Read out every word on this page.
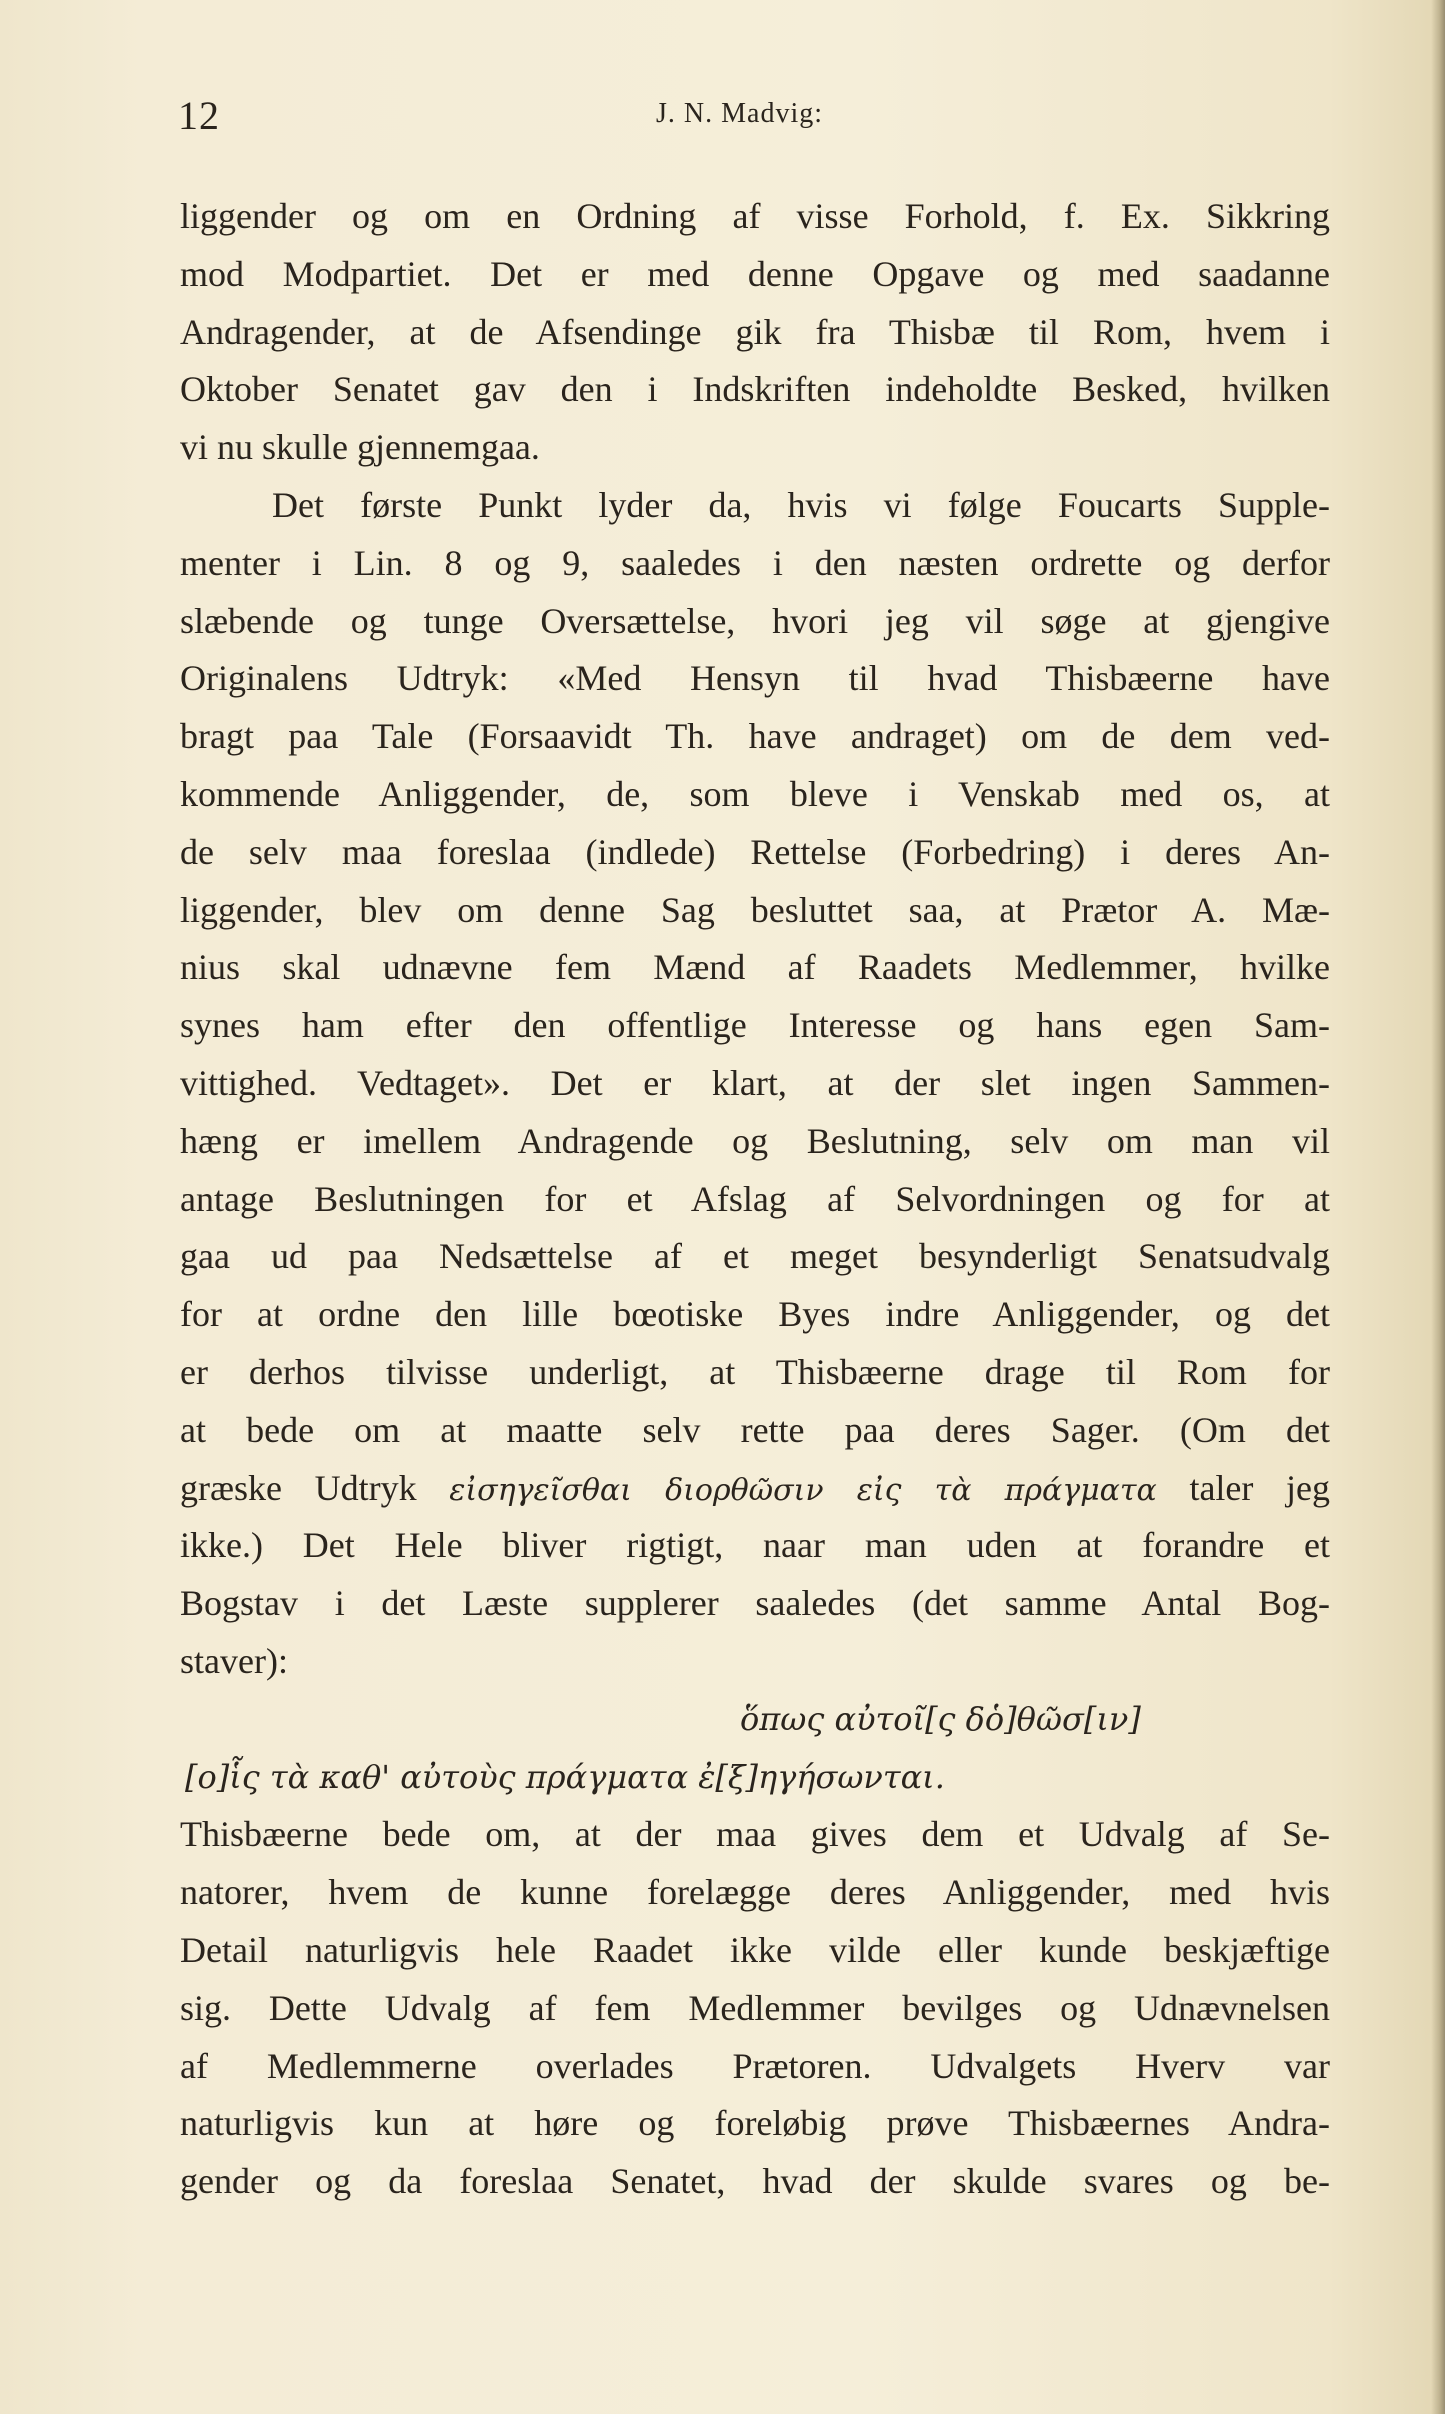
12	J. N. Madvig:
liggender og om en Ordning af visse Forhold, f. Ex. Sikkring
mod Modpartiet. Det er med denne Opgave og med saadanne
Andragender, at de Afsendinge gik fra Thisbæ til Rom, hvem i
Oktober Senatet gav den i Indskriften indeholdte Besked, hvilken
vi nu skulle gjennemgaa.
Det første Punkt lyder da, hvis vi følge Foucarts Supple-
menter i Lin. 8 og 9, saaledes i den næsten ordrette og derfor
slæbende og tunge Oversættelse, hvori jeg vil søge at gjengive
Originalens Udtryk: «Med Hensyn til hvad Thisbæerne have
bragt paa Tale (Forsaavidt Th. have andraget) om de dem ved-
kommende Anliggender, de, som bleve i Venskab med os, at
de selv maa foreslaa (indlede) Rettelse (Forbedring) i deres An-
liggender, blev om denne Sag besluttet saa, at Prætor A. Mæ-
nius skal udnævne fem Mænd af Raadets Medlemmer, hvilke
synes ham efter den offentlige Interesse og hans egen Sam-
vittighed. Vedtaget». Det er klart, at der slet ingen Sammen-
hæng er imellem Andragende og Beslutning, selv om man vil
antage Beslutningen for et Afslag af Selvordningen og for at
gaa ud paa Nedsættelse af et meget besynderligt Senatsudvalg
for at ordne den lille bœotiske Byes indre Anliggender, og det
er derhos tilvisse underligt, at Thisbæerne drage til Rom for
at bede om at maatte selv rette paa deres Sager. (Om det
græske Udtryk εἰσηγεῖσθαι διορθῶσιν εἰς τὰ πράγματα taler jeg
ikke.) Det Hele bliver rigtigt, naar man uden at forandre et
Bogstav i det Læste supplerer saaledes (det samme Antal Bog-
staver):
ὅπως αὐτοῖ[ς δὁ]θῶσ[ιν]
[ο]ἷς τὰ καθ' αὐτοὺς πράγματα ἐ[ξ]ηγήσωνται.
Thisbæerne bede om, at der maa gives dem et Udvalg af Se-
natorer, hvem de kunne forelægge deres Anliggender, med hvis
Detail naturligvis hele Raadet ikke vilde eller kunde beskjæftige
sig. Dette Udvalg af fem Medlemmer bevilges og Udnævnelsen
af Medlemmerne overlades Prætoren. Udvalgets Hverv var
naturligvis kun at høre og foreløbig prøve Thisbæernes Andra-
gender og da foreslaa Senatet, hvad der skulde svares og be-
